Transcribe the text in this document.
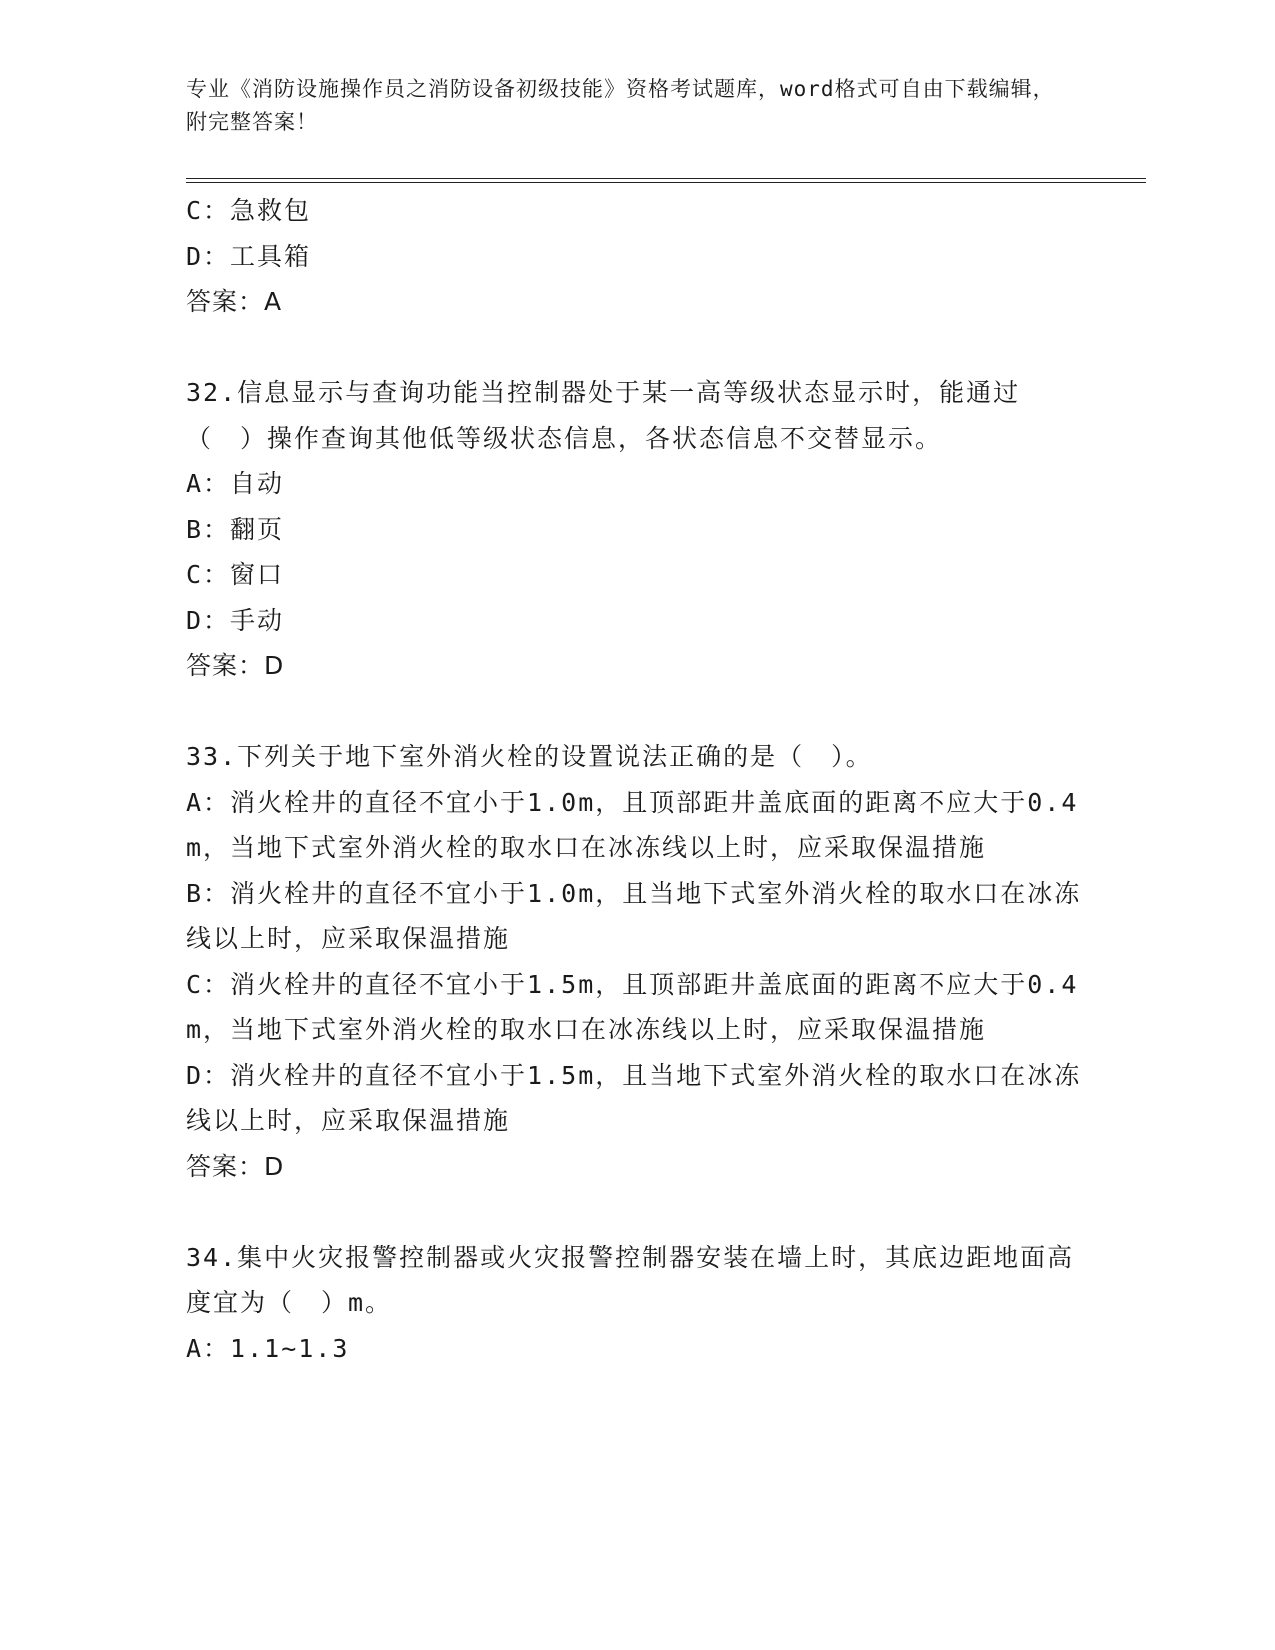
专业《消防设施操作员之消防设备初级技能》资格考试题库，word格式可自由下载编辑，附完整答案！
C：急救包
D：工具箱
答案：A
32.信息显示与查询功能当控制器处于某一高等级状态显示时，能通过（　）操作查询其他低等级状态信息，各状态信息不交替显示。
A：自动
B：翻页
C：窗口
D：手动
答案：D
33.下列关于地下室外消火栓的设置说法正确的是（　）。
A：消火栓井的直径不宜小于1.0m，且顶部距井盖底面的距离不应大于0.4m，当地下式室外消火栓的取水口在冰冻线以上时，应采取保温措施
B：消火栓井的直径不宜小于1.0m，且当地下式室外消火栓的取水口在冰冻线以上时，应采取保温措施
C：消火栓井的直径不宜小于1.5m，且顶部距井盖底面的距离不应大于0.4m，当地下式室外消火栓的取水口在冰冻线以上时，应采取保温措施
D：消火栓井的直径不宜小于1.5m，且当地下式室外消火栓的取水口在冰冻线以上时，应采取保温措施
答案：D
34.集中火灾报警控制器或火灾报警控制器安装在墙上时，其底边距地面高度宜为（　）m。
A：1.1~1.3
